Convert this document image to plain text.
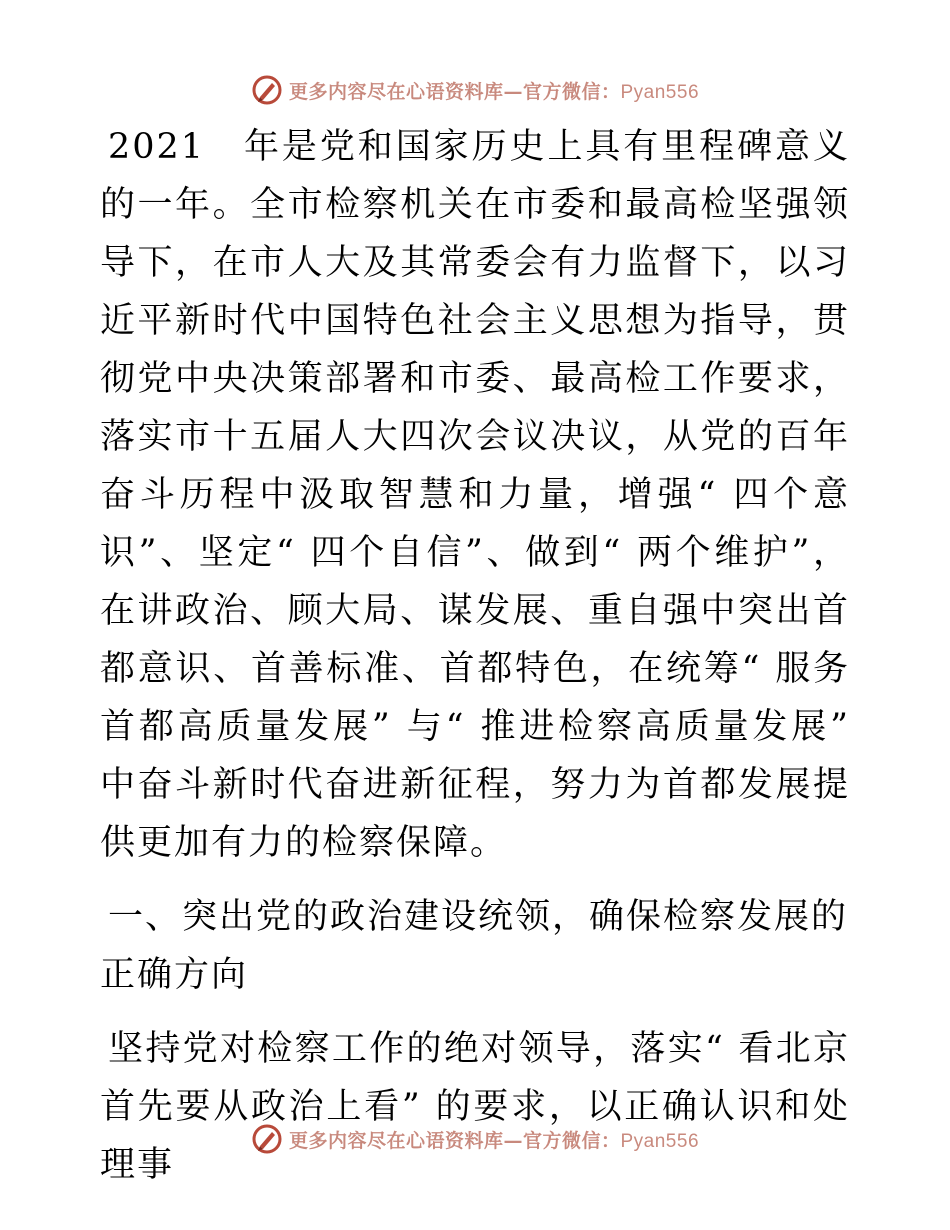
更多内容尽在心语资料库—官方微信：Pyan556

2021　年是党和国家历史上具有里程碑意义的一年。全市检察机关在市委和最高检坚强领导下，在市人大及其常委会有力监督下，以习近平新时代中国特色社会主义思想为指导，贯彻党中央决策部署和市委、最高检工作要求，落实市十五届人大四次会议决议，从党的百年奋斗历程中汲取智慧和力量，增强“ 四个意识”、坚定“ 四个自信”、做到“ 两个维护”，在讲政治、顾大局、谋发展、重自强中突出首都意识、首善标准、首都特色，在统筹“ 服务首都高质量发展” 与“ 推进检察高质量发展” 中奋斗新时代奋进新征程，努力为首都发展提供更加有力的检察保障。

一、突出党的政治建设统领，确保检察发展的正确方向

坚持党对检察工作的绝对领导，落实“ 看北京首先要从政治上看” 的要求，以正确认识和处理事

更多内容尽在心语资料库—官方微信：Pyan556
